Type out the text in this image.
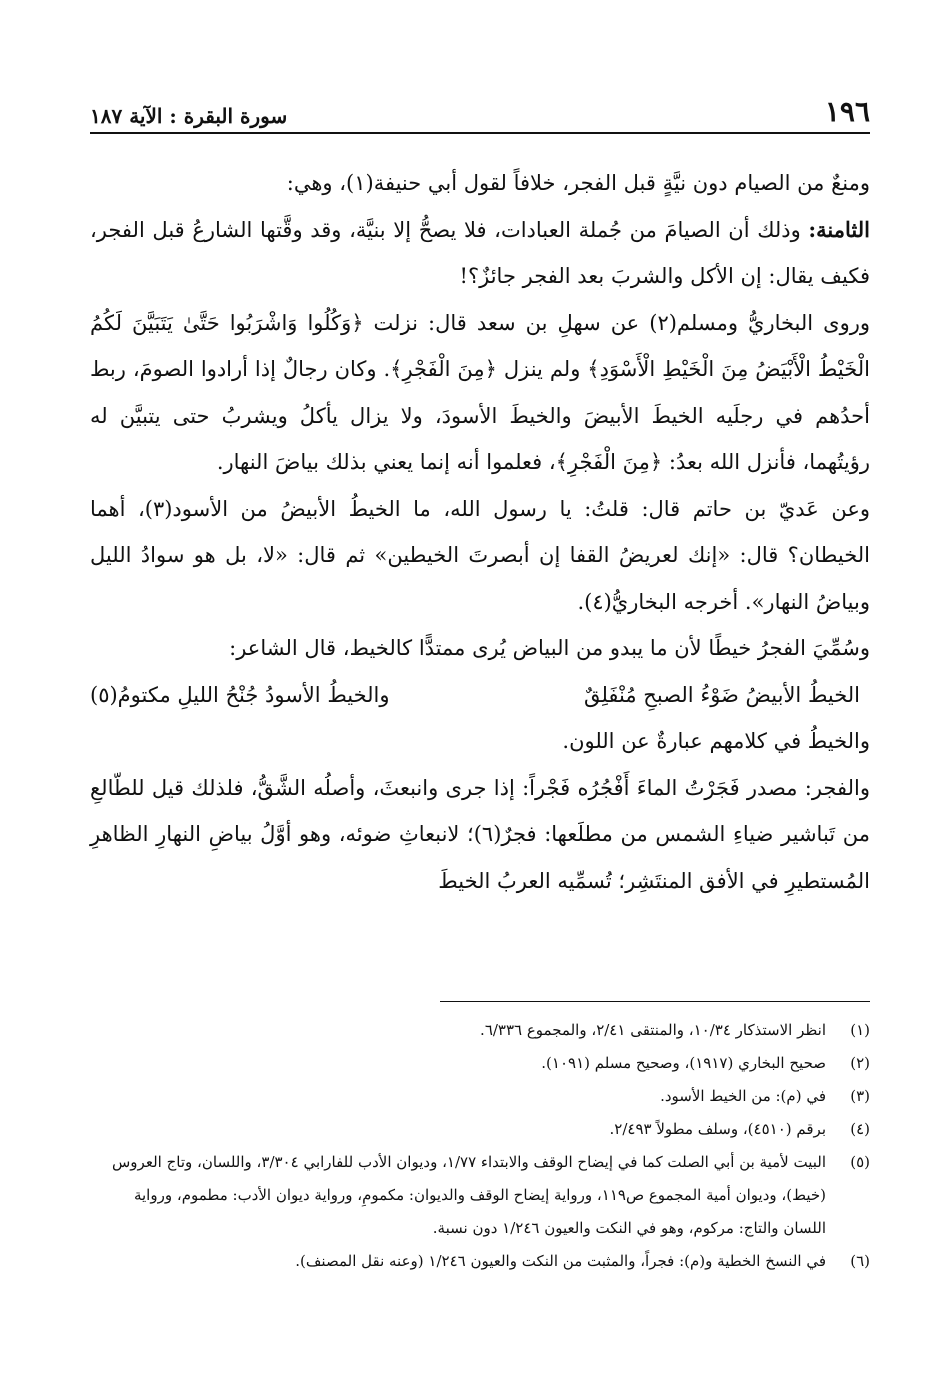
١٩٦
سورة البقرة : الآية ١٨٧

ومنعٌ من الصيام دون نيَّةٍ قبل الفجر، خلافاً لقول أبي حنيفة(١)، وهي:

الثامنة: وذلك أن الصيامَ من جُملة العبادات، فلا يصحُّ إلا بنيَّة، وقد وقَّتها الشارعُ قبل الفجر، فكيف يقال: إن الأكل والشربَ بعد الفجر جائزٌ؟!

وروى البخاريُّ ومسلم(٢) عن سهلِ بن سعد قال: نزلت ﴿وَكُلُوا وَاشْرَبُوا حَتَّىٰ يَتَبَيَّنَ لَكُمُ الْخَيْطُ الْأَبْيَضُ مِنَ الْخَيْطِ الْأَسْوَدِ﴾ ولم ينزل ﴿مِنَ الْفَجْرِ﴾. وكان رجالٌ إذا أرادوا الصومَ، ربط أحدُهم في رجلَيه الخيطَ الأبيضَ والخيطَ الأسودَ، ولا يزال يأكلُ ويشربُ حتى يتبيَّن له رؤيتُهما، فأنزل الله بعدُ: ﴿مِنَ الْفَجْرِ﴾، فعلموا أنه إنما يعني بذلك بياضَ النهار.

وعن عَديّ بن حاتم قال: قلتُ: يا رسول الله، ما الخيطُ الأبيضُ من الأسود(٣)، أهما الخيطان؟ قال: «إنك لعريضُ القفا إن أبصرتَ الخيطين» ثم قال: «لا، بل هو سوادُ الليل وبياضُ النهار». أخرجه البخاريُّ(٤).

وسُمِّيَ الفجرُ خيطًا لأن ما يبدو من البياض يُرى ممتدًّا كالخيط، قال الشاعر:

الخيطُ الأبيضُ ضَوْءُ الصبحِ مُنْفَلِقٌ
والخيطُ الأسودُ جُنْحُ الليلِ مكتومُ(٥)

والخيطُ في كلامهم عبارةٌ عن اللون.

والفجر: مصدر فَجَرْتُ الماءَ أَفْجُرُه فَجْراً: إذا جرى وانبعثَ، وأصلُه الشَّقُّ، فلذلك قيل للطّالعِ من تَباشير ضياءِ الشمس من مطلَعها: فجرٌ(٦)؛ لانبعاثِ ضوئه، وهو أوَّلُ بياضِ النهارِ الظاهرِ المُستطيرِ في الأفق المنتَشِر؛ تُسمِّيه العربُ الخيطَ

(١)
انظر الاستذكار ١٠/٣٤، والمنتقى ٢/٤١، والمجموع ٦/٣٣٦.
(٢)
صحيح البخاري (١٩١٧)، وصحيح مسلم (١٠٩١).
(٣)
في (م): من الخيط الأسود.
(٤)
برقم (٤٥١٠)، وسلف مطولاً ٢/٤٩٣.
(٥)
البيت لأمية بن أبي الصلت كما في إيضاح الوقف والابتداء ١/٧٧، وديوان الأدب للفارابي ٣/٣٠٤، واللسان، وتاج العروس (خيط)، وديوان أمية المجموع ص١١٩، ورواية إيضاح الوقف والديوان: مكمومِ، ورواية ديوان الأدب: مطموم، ورواية اللسان والتاج: مركوم، وهو في النكت والعيون ١/٢٤٦ دون نسبة.
(٦)
في النسخ الخطية و(م): فجراً، والمثبت من النكت والعيون ١/٢٤٦ (وعنه نقل المصنف).
